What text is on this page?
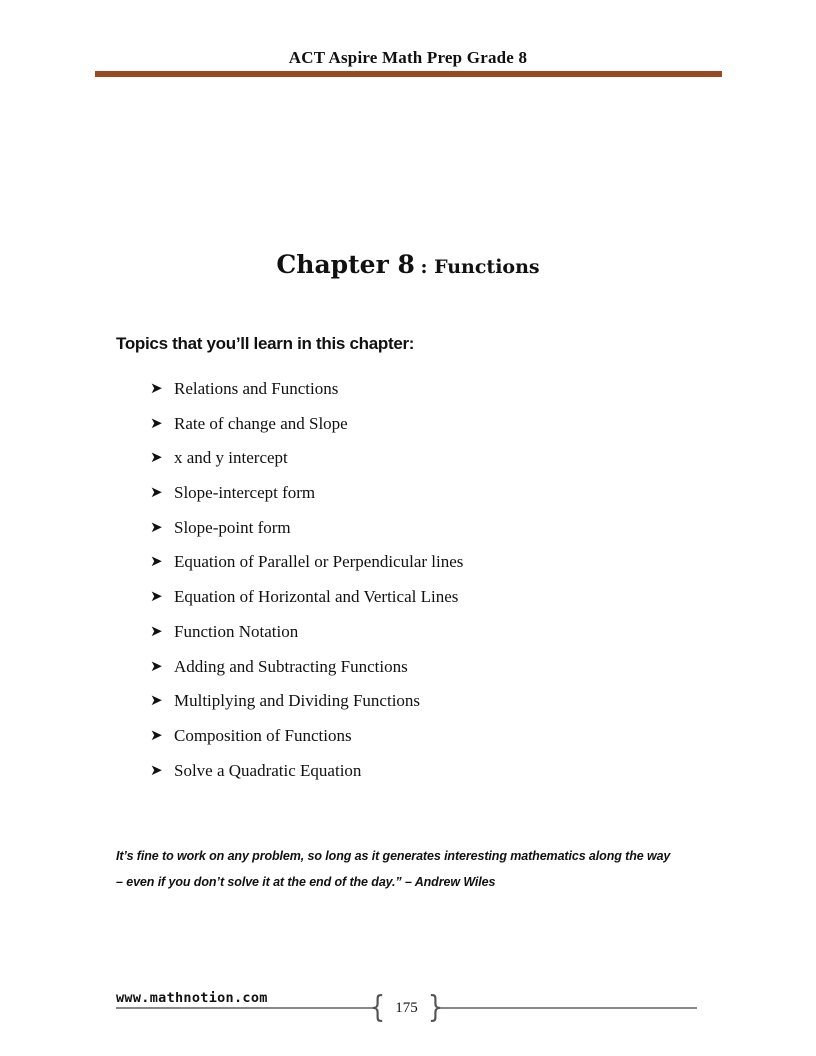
ACT Aspire Math Prep Grade 8
Chapter 8 : Functions
Topics that you’ll learn in this chapter:
➤ Relations and Functions
➤ Rate of change and Slope
➤ x and y intercept
➤ Slope-intercept form
➤ Slope-point form
➤ Equation of Parallel or Perpendicular lines
➤ Equation of Horizontal and Vertical Lines
➤ Function Notation
➤ Adding and Subtracting Functions
➤ Multiplying and Dividing Functions
➤ Composition of Functions
➤ Solve a Quadratic Equation
It’s fine to work on any problem, so long as it generates interesting mathematics along the way
– even if you don’t solve it at the end of the day.” – Andrew Wiles
www.mathnotion.com	{ 175 }
